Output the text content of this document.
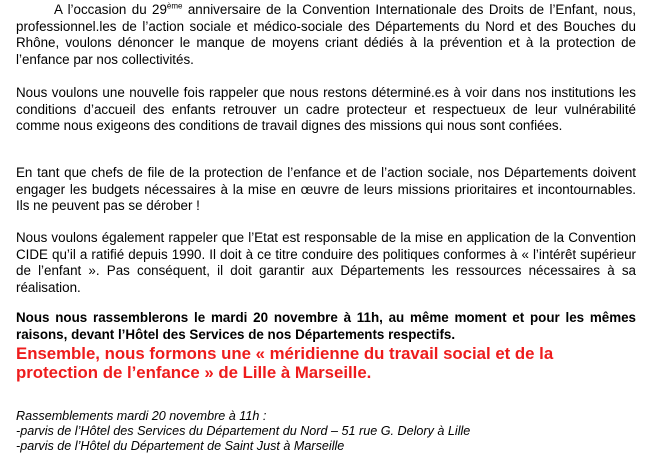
A l’occasion du 29ème anniversaire de la Convention Internationale des Droits de l’Enfant, nous, professionnel.les de l’action sociale et médico-sociale des Départements du Nord et des Bouches du Rhône, voulons dénoncer le manque de moyens criant dédiés à la prévention et à la protection de l’enfance par nos collectivités.

Nous voulons une nouvelle fois rappeler que nous restons déterminé.es à voir dans nos institutions les conditions d’accueil des enfants retrouver un cadre protecteur et respectueux de leur vulnérabilité comme nous exigeons des conditions de travail dignes des missions qui nous sont confiées.

En tant que chefs de file de la protection de l’enfance et de l’action sociale, nos Départements doivent engager les budgets nécessaires à la mise en œuvre de leurs missions prioritaires et incontournables. Ils ne peuvent pas se dérober !

Nous voulons également rappeler que l’Etat est responsable de la mise en application de la Convention CIDE qu’il a ratifié depuis 1990. Il doit à ce titre conduire des politiques conformes à « l’intérêt supérieur de l’enfant ». Pas conséquent, il doit garantir aux Départements les ressources nécessaires à sa réalisation.

Nous nous rassemblerons le mardi 20 novembre à 11h, au même moment et pour les mêmes raisons, devant l’Hôtel des Services de nos Départements respectifs.

Ensemble, nous formons une « méridienne du travail social et de la protection de l’enfance » de Lille à Marseille.

Rassemblements mardi 20 novembre à 11h :
-parvis de l’Hôtel des Services du Département du Nord – 51 rue G. Delory à Lille
-parvis de l’Hôtel du Département de Saint Just à Marseille
